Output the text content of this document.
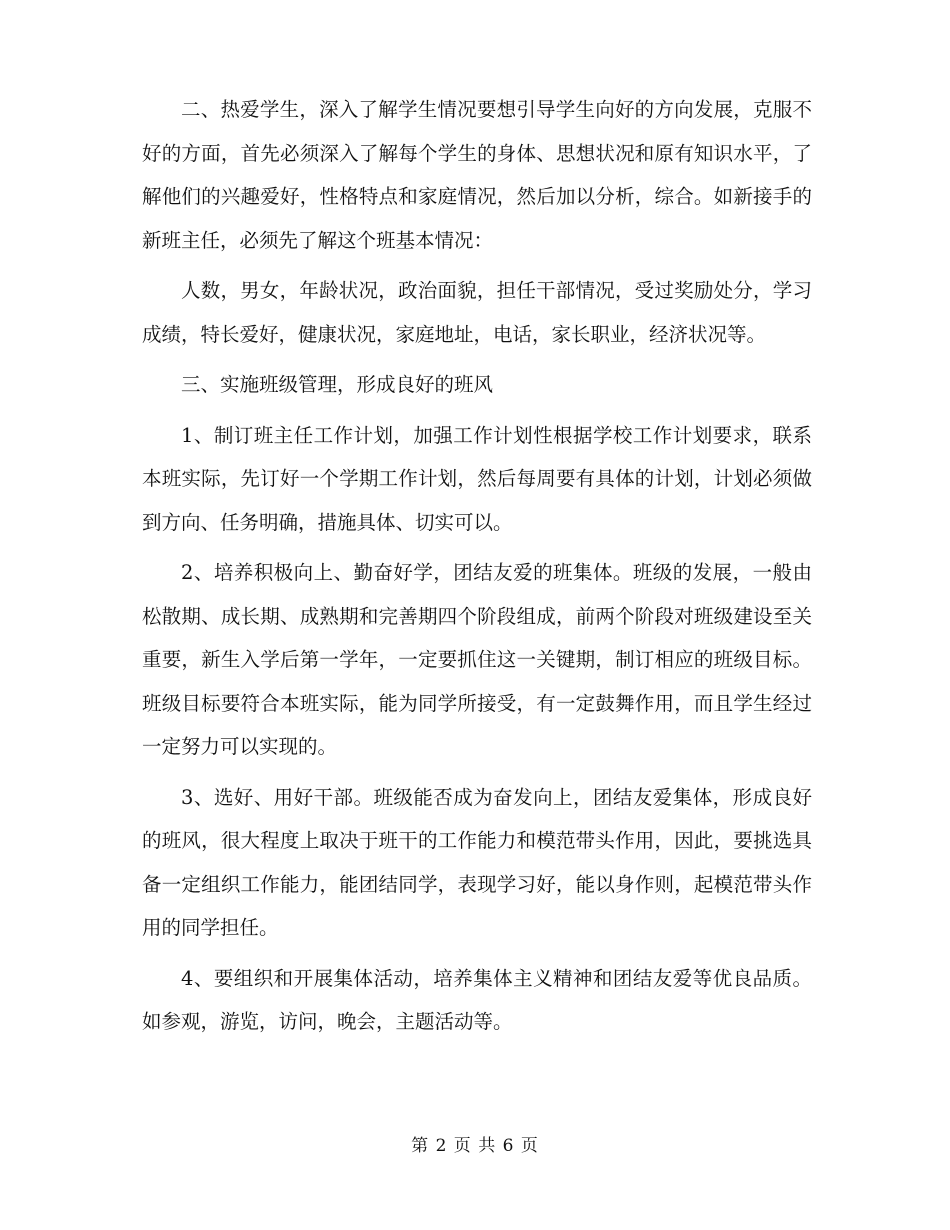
二、热爱学生，深入了解学生情况要想引导学生向好的方向发展，克服不好的方面，首先必须深入了解每个学生的身体、思想状况和原有知识水平，了解他们的兴趣爱好，性格特点和家庭情况，然后加以分析，综合。如新接手的新班主任，必须先了解这个班基本情况：

人数，男女，年龄状况，政治面貌，担任干部情况，受过奖励处分，学习成绩，特长爱好，健康状况，家庭地址，电话，家长职业，经济状况等。

三、实施班级管理，形成良好的班风

1、制订班主任工作计划，加强工作计划性根据学校工作计划要求，联系本班实际，先订好一个学期工作计划，然后每周要有具体的计划，计划必须做到方向、任务明确，措施具体、切实可以。

2、培养积极向上、勤奋好学，团结友爱的班集体。班级的发展，一般由松散期、成长期、成熟期和完善期四个阶段组成，前两个阶段对班级建设至关重要，新生入学后第一学年，一定要抓住这一关键期，制订相应的班级目标。班级目标要符合本班实际，能为同学所接受，有一定鼓舞作用，而且学生经过一定努力可以实现的。

3、选好、用好干部。班级能否成为奋发向上，团结友爱集体，形成良好的班风，很大程度上取决于班干的工作能力和模范带头作用，因此，要挑选具备一定组织工作能力，能团结同学，表现学习好，能以身作则，起模范带头作用的同学担任。

4、要组织和开展集体活动，培养集体主义精神和团结友爱等优良品质。如参观，游览，访问，晚会，主题活动等。

第 2 页 共 6 页
